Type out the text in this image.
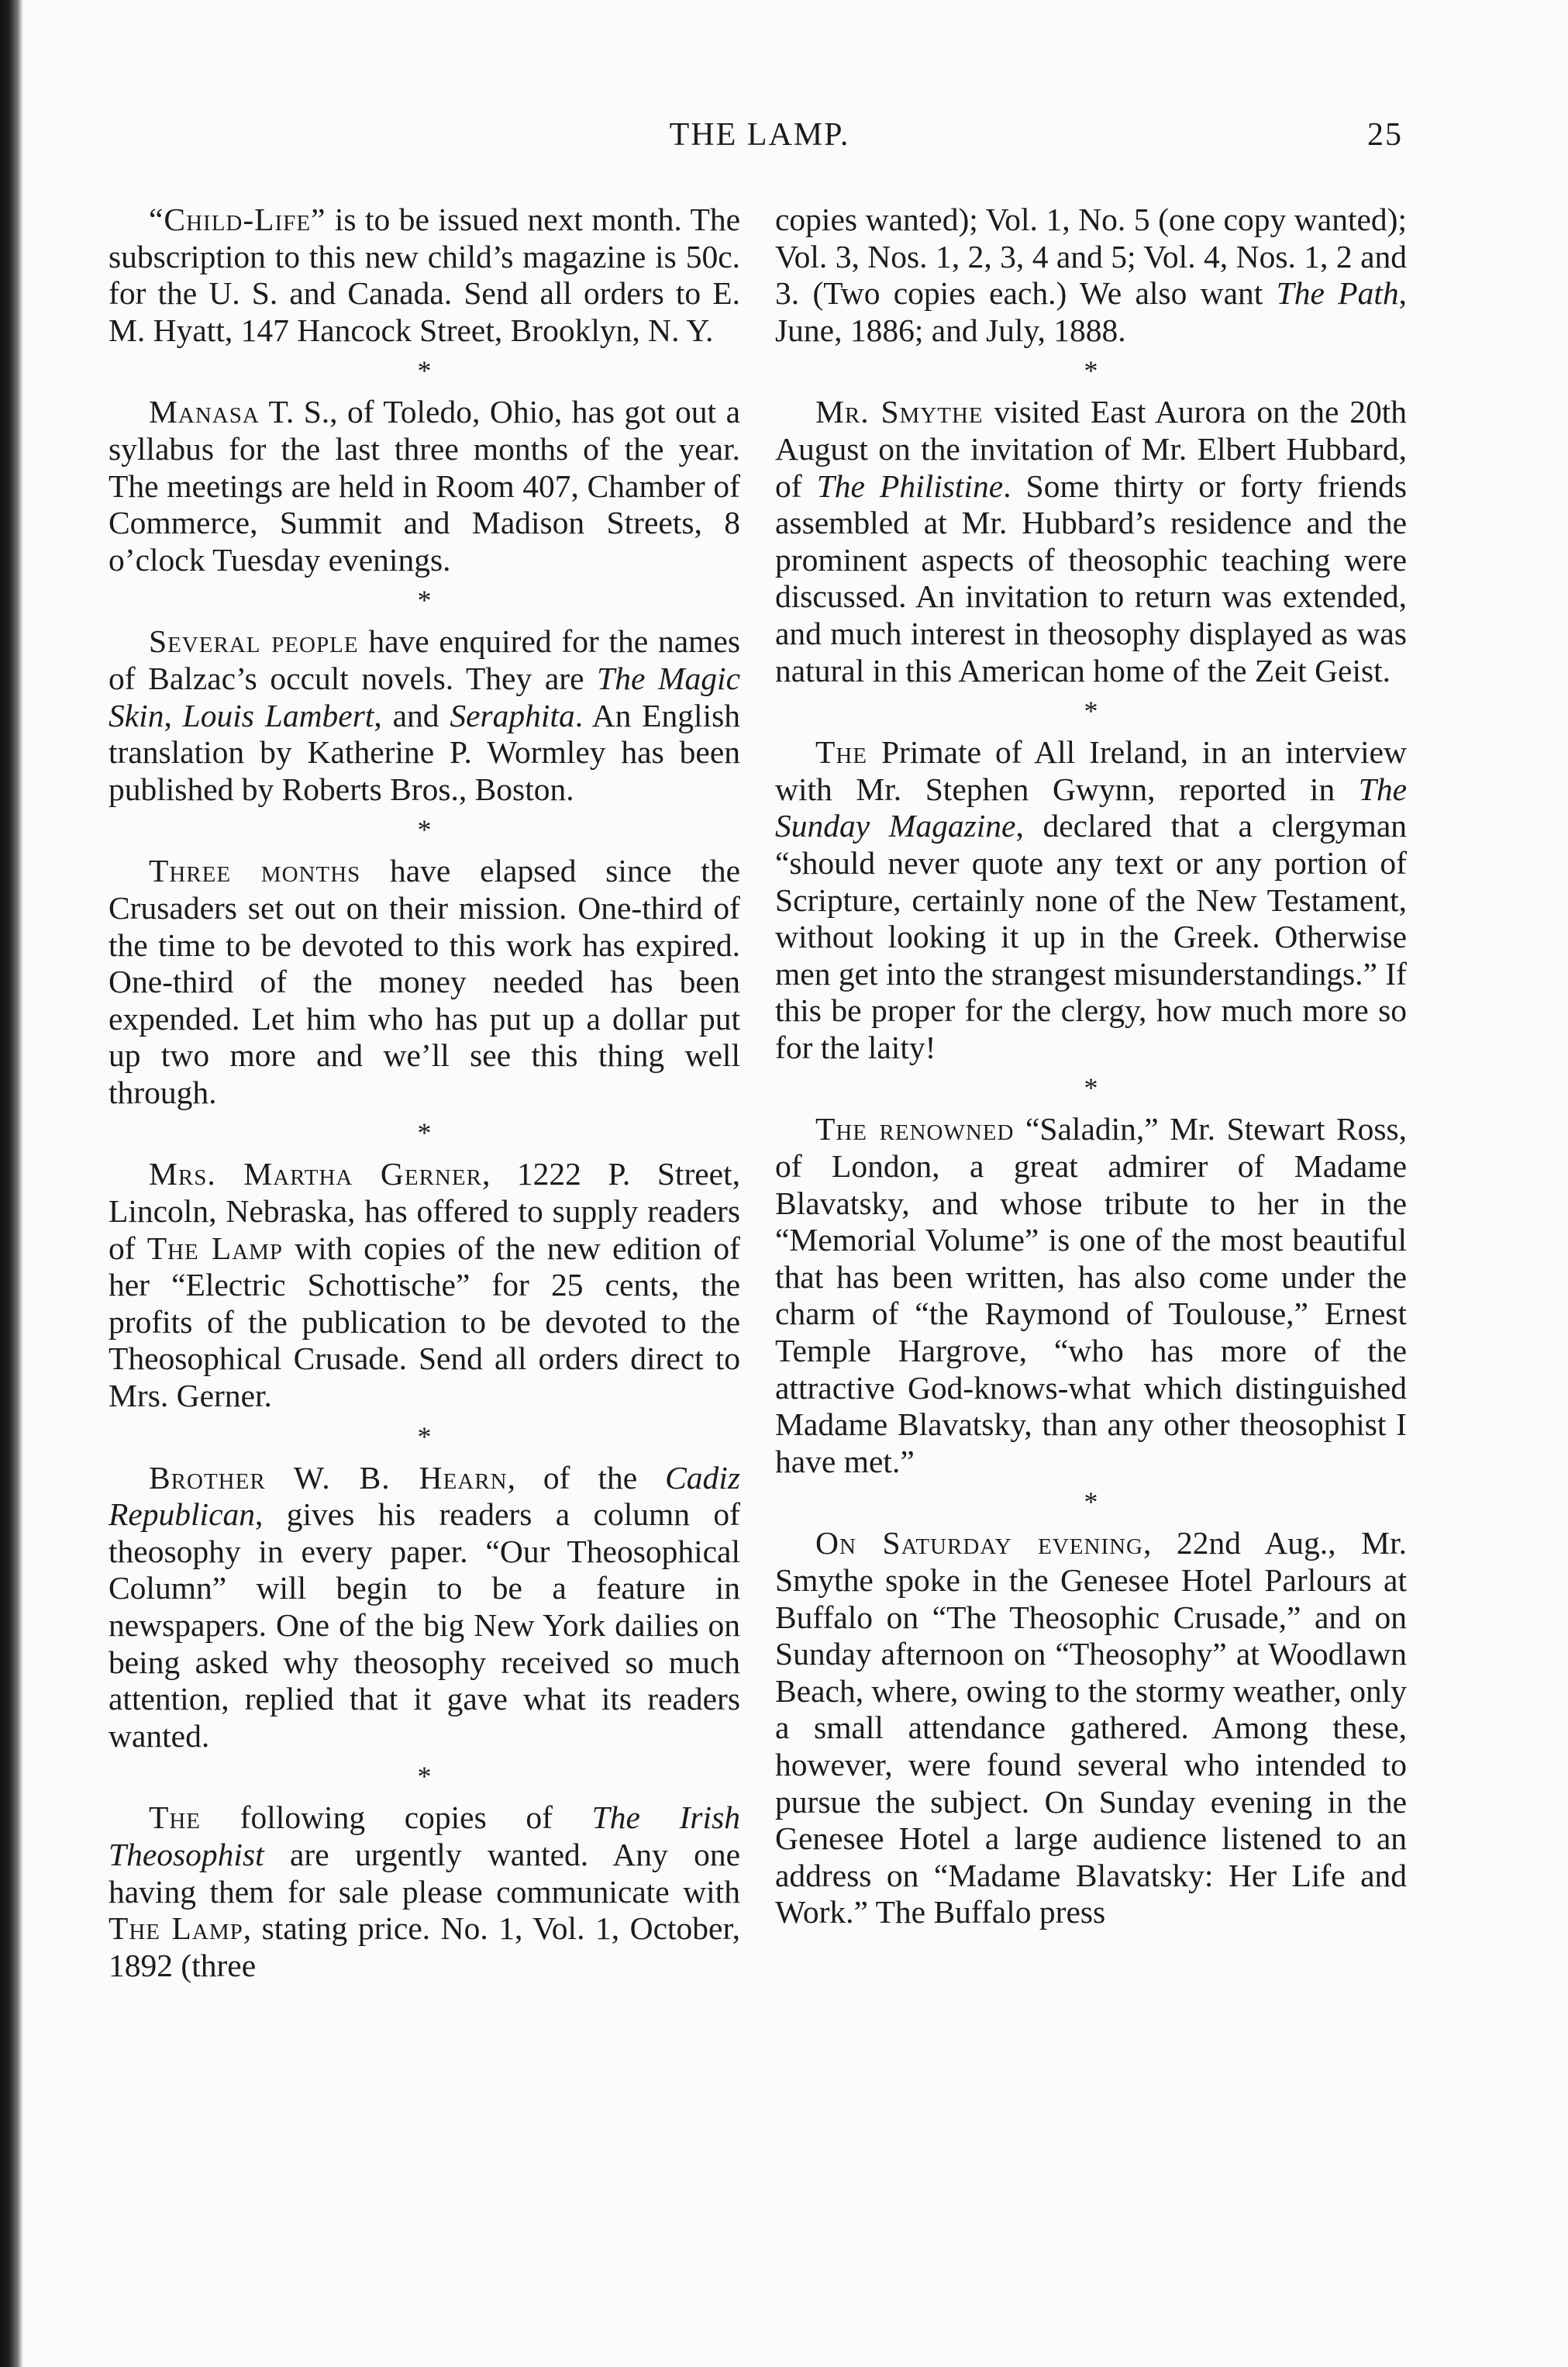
THE LAMP.	25

“Child-Life” is to be issued next month. The subscription to this new child’s magazine is 50c. for the U. S. and Canada. Send all orders to E. M. Hyatt, 147 Hancock Street, Brooklyn, N. Y.

*

Manasa T. S., of Toledo, Ohio, has got out a syllabus for the last three months of the year. The meetings are held in Room 407, Chamber of Commerce, Summit and Madison Streets, 8 o’clock Tuesday evenings.

*

Several people have enquired for the names of Balzac’s occult novels. They are The Magic Skin, Louis Lambert, and Seraphita. An English translation by Katherine P. Wormley has been published by Roberts Bros., Boston.

*

Three months have elapsed since the Crusaders set out on their mission. One-third of the time to be devoted to this work has expired. One-third of the money needed has been expended. Let him who has put up a dollar put up two more and we’ll see this thing well through.

*

Mrs. Martha Gerner, 1222 P. Street, Lincoln, Nebraska, has offered to supply readers of The Lamp with copies of the new edition of her “Electric Schottische” for 25 cents, the profits of the publication to be devoted to the Theosophical Crusade. Send all orders direct to Mrs. Gerner.

*

Brother W. B. Hearn, of the Cadiz Republican, gives his readers a column of theosophy in every paper. “Our Theosophical Column” will begin to be a feature in newspapers. One of the big New York dailies on being asked why theosophy received so much attention, replied that it gave what its readers wanted.

*

The following copies of The Irish Theosophist are urgently wanted. Any one having them for sale please communicate with The Lamp, stating price. No. 1, Vol. 1, October, 1892 (three

copies wanted); Vol. 1, No. 5 (one copy wanted); Vol. 3, Nos. 1, 2, 3, 4 and 5; Vol. 4, Nos. 1, 2 and 3. (Two copies each.) We also want The Path, June, 1886; and July, 1888.

*

Mr. Smythe visited East Aurora on the 20th August on the invitation of Mr. Elbert Hubbard, of The Philistine. Some thirty or forty friends assembled at Mr. Hubbard’s residence and the prominent aspects of theosophic teaching were discussed. An invitation to return was extended, and much interest in theosophy displayed as was natural in this American home of the Zeit Geist.

*

The Primate of All Ireland, in an interview with Mr. Stephen Gwynn, reported in The Sunday Magazine, declared that a clergyman “should never quote any text or any portion of Scripture, certainly none of the New Testament, without looking it up in the Greek. Otherwise men get into the strangest misunderstandings.” If this be proper for the clergy, how much more so for the laity!

*

The renowned “Saladin,” Mr. Stewart Ross, of London, a great admirer of Madame Blavatsky, and whose tribute to her in the “Memorial Volume” is one of the most beautiful that has been written, has also come under the charm of “the Raymond of Toulouse,” Ernest Temple Hargrove, “who has more of the attractive God-knows-what which distinguished Madame Blavatsky, than any other theosophist I have met.”

*

On Saturday evening, 22nd Aug., Mr. Smythe spoke in the Genesee Hotel Parlours at Buffalo on “The Theosophic Crusade,” and on Sunday afternoon on “Theosophy” at Woodlawn Beach, where, owing to the stormy weather, only a small attendance gathered. Among these, however, were found several who intended to pursue the subject. On Sunday evening in the Genesee Hotel a large audience listened to an address on “Madame Blavatsky: Her Life and Work.” The Buffalo press
